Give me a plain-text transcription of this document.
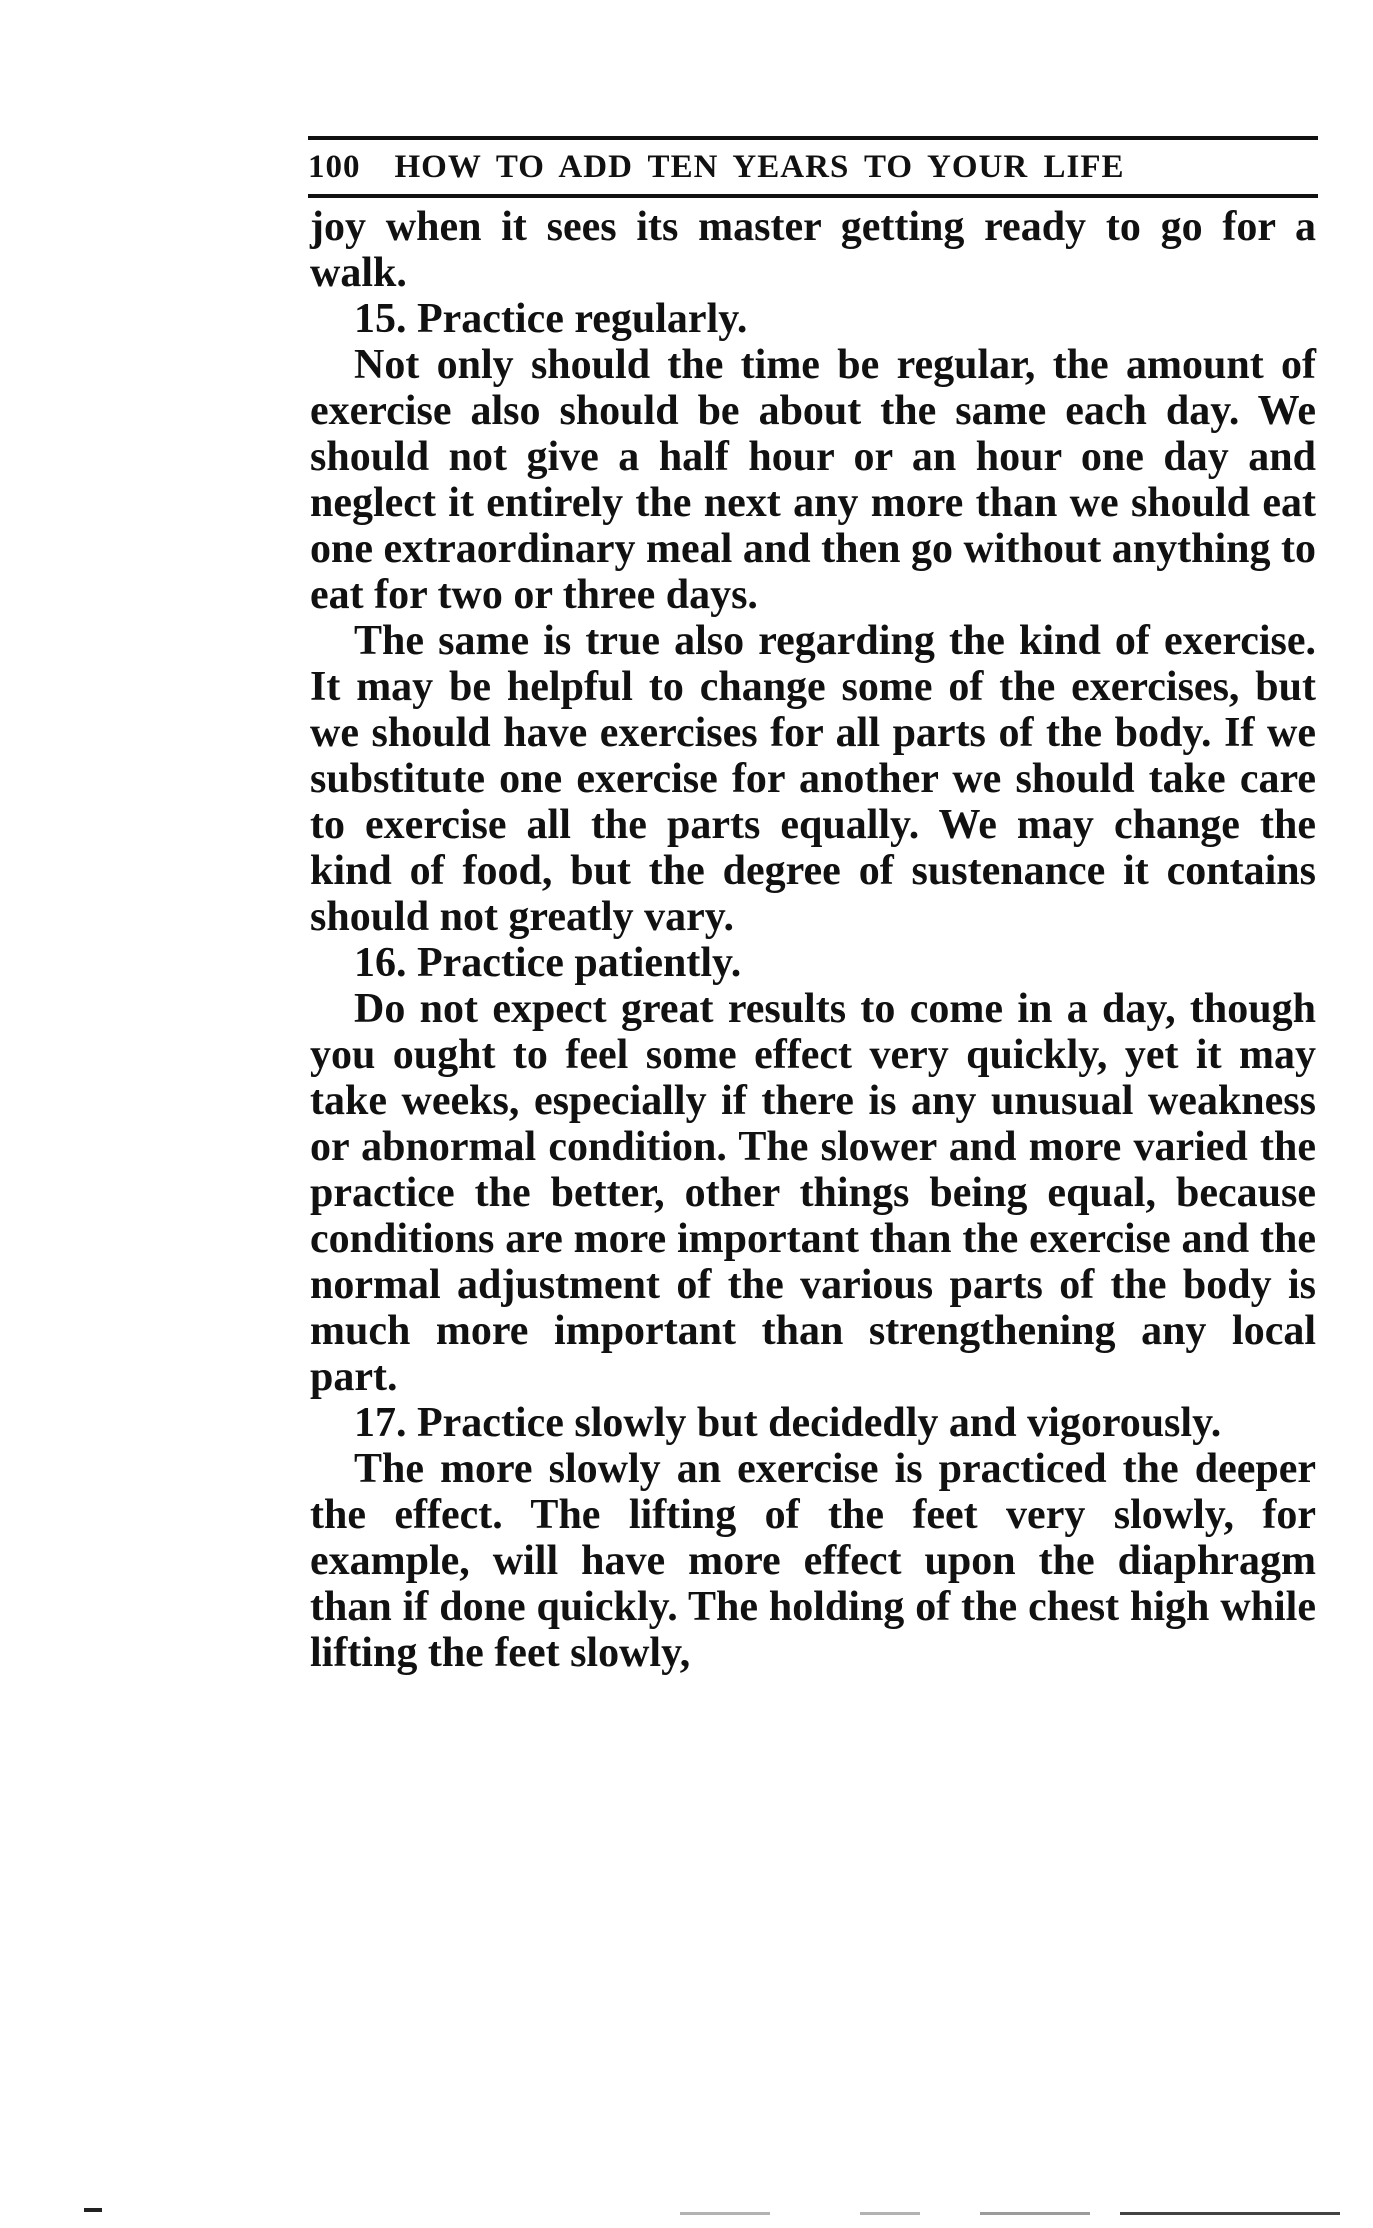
100 HOW TO ADD TEN YEARS TO YOUR LIFE

joy when it sees its master getting ready to go for a walk.

15. Practice regularly.

Not only should the time be regular, the amount of exercise also should be about the same each day. We should not give a half hour or an hour one day and neglect it entirely the next any more than we should eat one extraordinary meal and then go without anything to eat for two or three days.

The same is true also regarding the kind of exercise. It may be helpful to change some of the exercises, but we should have exercises for all parts of the body. If we substitute one exercise for another we should take care to exercise all the parts equally. We may change the kind of food, but the degree of sustenance it contains should not greatly vary.

16. Practice patiently.

Do not expect great results to come in a day, though you ought to feel some effect very quickly, yet it may take weeks, especially if there is any unusual weakness or abnormal condition. The slower and more varied the practice the better, other things being equal, because conditions are more important than the exercise and the normal adjustment of the various parts of the body is much more important than strengthening any local part.

17. Practice slowly but decidedly and vigorously.

The more slowly an exercise is practiced the deeper the effect. The lifting of the feet very slowly, for example, will have more effect upon the diaphragm than if done quickly. The holding of the chest high while lifting the feet slowly,
